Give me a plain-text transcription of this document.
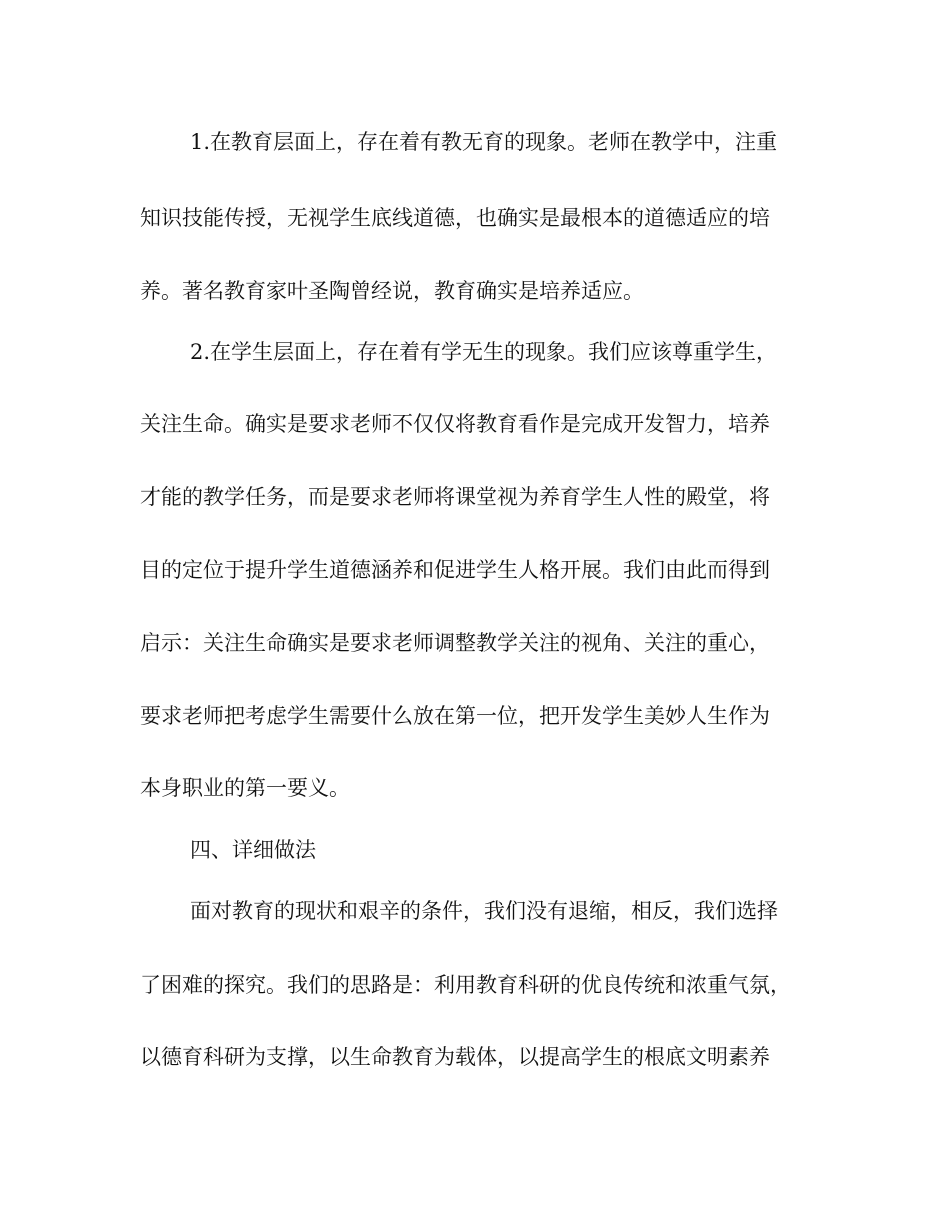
1.在教育层面上，存在着有教无育的现象。老师在教学中，注重
知识技能传授，无视学生底线道德，也确实是最根本的道德适应的培
养。著名教育家叶圣陶曾经说，教育确实是培养适应。
2.在学生层面上，存在着有学无生的现象。我们应该尊重学生，
关注生命。确实是要求老师不仅仅将教育看作是完成开发智力，培养
才能的教学任务，而是要求老师将课堂视为养育学生人性的殿堂，将
目的定位于提升学生道德涵养和促进学生人格开展。我们由此而得到
启示：关注生命确实是要求老师调整教学关注的视角、关注的重心，
要求老师把考虑学生需要什么放在第一位，把开发学生美妙人生作为
本身职业的第一要义。
四、详细做法
面对教育的现状和艰辛的条件，我们没有退缩，相反，我们选择
了困难的探究。我们的思路是：利用教育科研的优良传统和浓重气氛，
以德育科研为支撑，以生命教育为载体，以提高学生的根底文明素养
